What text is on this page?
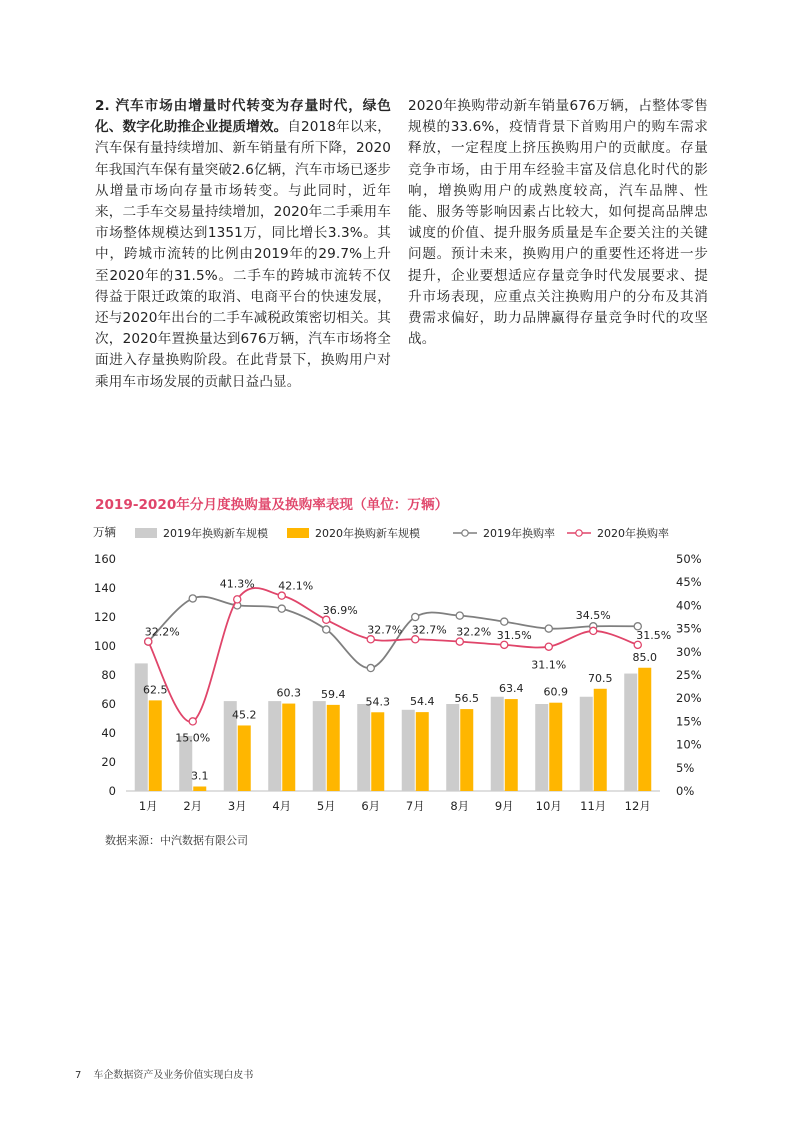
2. 汽车市场由增量时代转变为存量时代，绿色化、数字化助推企业提质增效。自2018年以来，汽车保有量持续增加、新车销量有所下降，2020年我国汽车保有量突破2.6亿辆，汽车市场已逐步从增量市场向存量市场转变。与此同时，近年来，二手车交易量持续增加，2020年二手乘用车市场整体规模达到1351万，同比增长3.3%。其中，跨城市流转的比例由2019年的29.7%上升至2020年的31.5%。二手车的跨城市流转不仅得益于限迁政策的取消、电商平台的快速发展，还与2020年出台的二手车减税政策密切相关。其次，2020年置换量达到676万辆，汽车市场将全面进入存量换购阶段。在此背景下，换购用户对乘用车市场发展的贡献日益凸显。
2020年换购带动新车销量676万辆，占整体零售规模的33.6%，疫情背景下首购用户的购车需求释放，一定程度上挤压换购用户的贡献度。存量竞争市场，由于用车经验丰富及信息化时代的影响，增换购用户的成熟度较高，汽车品牌、性能、服务等影响因素占比较大，如何提高品牌忠诚度的价值、提升服务质量是车企要关注的关键问题。预计未来，换购用户的重要性还将进一步提升，企业要想适应存量竞争时代发展要求、提升市场表现，应重点关注换购用户的分布及其消费需求偏好，助力品牌赢得存量竞争时代的攻坚战。
2019-2020年分月度换购量及换购率表现（单位：万辆）
2019年换购新车规模	2020年换购新车规模	2019年换购率	2020年换购率
万辆
0
20
40
60
80
100
120
140
160
0%
5%
10%
15%
20%
25%
30%
35%
40%
45%
50%
62.5
3.1
45.2
60.3 59.4
54.3 54.4 56.5
63.4 60.9
70.5
85.0
1月 2月 3月 4月 5月 6月 7月 8月 9月 10月 11月 12月
32.2%
15.0%
41.3% 42.1%
36.9%
32.7% 32.7% 32.2% 31.5%
31.1%
34.5%
31.5%
数据来源：中汽数据有限公司
7 车企数据资产及业务价值实现白皮书
